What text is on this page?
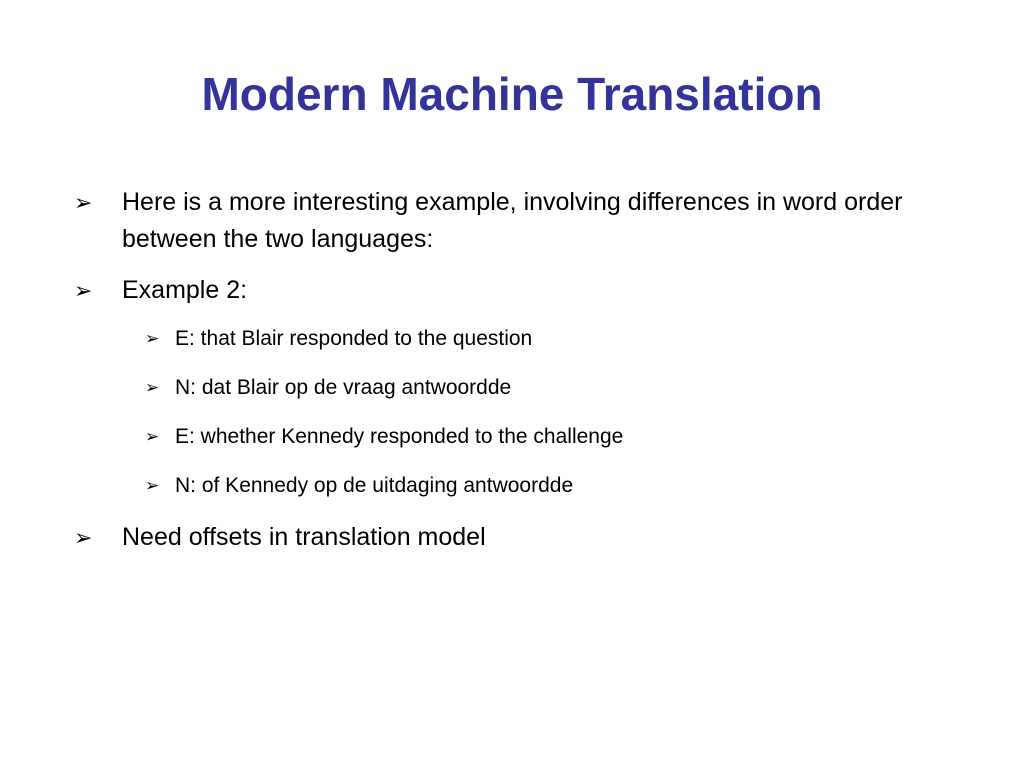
Modern Machine Translation
➢ Here is a more interesting example, involving differences in word order between the two languages:
➢ Example 2:
➢ E: that Blair responded to the question
➢ N: dat Blair op de vraag antwoordde
➢ E: whether Kennedy responded to the challenge
➢ N: of Kennedy op de uitdaging antwoordde
➢ Need offsets in translation model
